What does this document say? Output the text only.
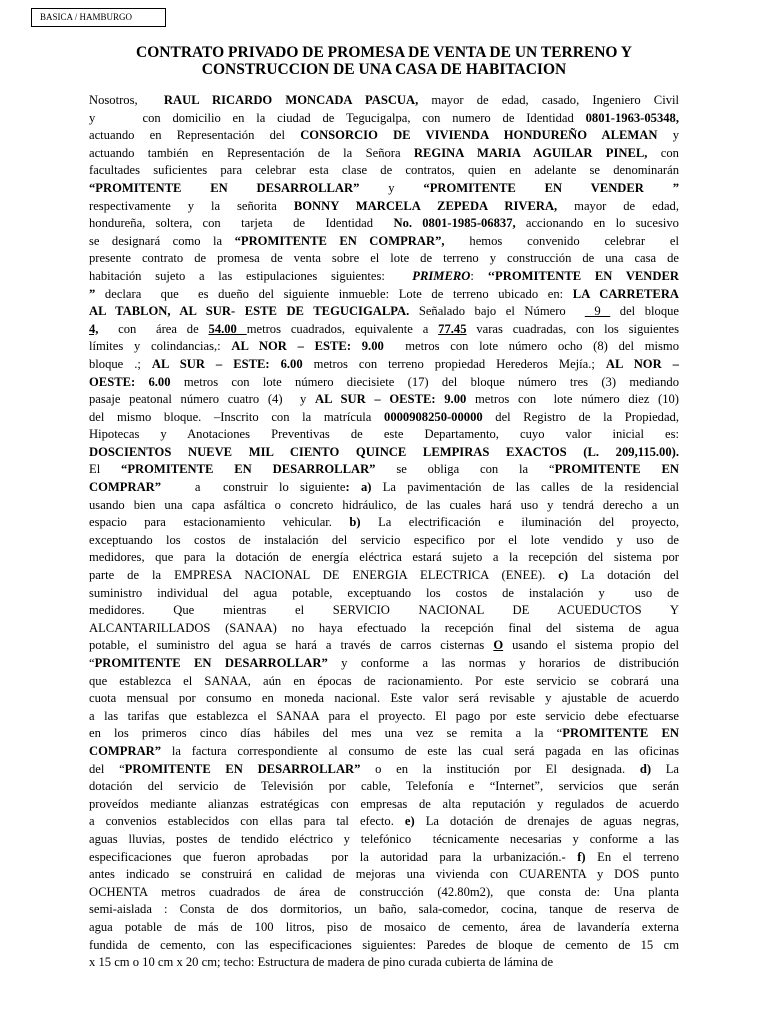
BASICA / HAMBURGO
CONTRATO PRIVADO DE PROMESA DE VENTA DE UN TERRENO Y
CONSTRUCCION DE UNA CASA DE HABITACION
Nosotros,  RAUL RICARDO MONCADA PASCUA, mayor de edad, casado, Ingeniero Civil
y    con domicilio en la ciudad de Tegucigalpa, con numero de Identidad 0801-1963-05348,
actuando en Representación del CONSORCIO DE VIVIENDA HONDUREÑO ALEMAN y
actuando también en Representación de la Señora REGINA MARIA AGUILAR PINEL, con
facultades suficientes para celebrar esta clase de contratos, quien en adelante se denominarán
“PROMITENTE  EN  DESARROLLAR”  y  “PROMITENTE  EN  VENDER  ”
respectivamente y la señorita BONNY MARCELA ZEPEDA RIVERA, mayor de edad,
hondureña, soltera, con  tarjeta  de  Identidad  No. 0801-1985-06837, accionando en lo sucesivo
se designará como la “PROMITENTE EN COMPRAR”,  hemos  convenido  celebrar  el
presente contrato de promesa de venta sobre el lote de terreno y construcción de una casa de
habitación sujeto a las estipulaciones siguientes:  PRIMERO: ‘‘PROMITENTE EN VENDER
” declara  que  es dueño del siguiente inmueble: Lote de terreno ubicado en: LA CARRETERA
AL TABLON, AL SUR- ESTE DE TEGUCIGALPA. Señalado bajo el Número   9  del bloque
4,  con  área de 54.00 metros cuadrados, equivalente a 77.45 varas cuadradas, con los siguientes
límites y colindancias,: AL NOR – ESTE: 9.00  metros con lote número ocho (8) del mismo
bloque .; AL SUR – ESTE: 6.00 metros con terreno propiedad Herederos Mejía.; AL NOR –
OESTE: 6.00 metros con lote número diecisiete (17) del bloque número tres (3) mediando
pasaje peatonal número cuatro (4)  y AL SUR – OESTE: 9.00 metros con  lote número diez (10)
del mismo bloque. –Inscrito con la matrícula 0000908250-00000 del Registro de la Propiedad,
Hipotecas  y  Anotaciones  Preventivas  de  este  Departamento,  cuyo  valor  inicial  es:
DOSCIENTOS NUEVE MIL CIENTO QUINCE LEMPIRAS EXACTOS (L. 209,115.00).
El  “PROMITENTE  EN  DESARROLLAR”  se  obliga  con  la  “PROMITENTE  EN
COMPRAR”   a  construir lo siguiente: a) La pavimentación de las calles de la residencial
usando bien una capa asfáltica o concreto hidráulico, de las cuales hará uso y tendrá derecho a un
espacio para estacionamiento vehicular. b) La electrificación e iluminación del proyecto,
exceptuando los costos de instalación del servicio especifico por el lote vendido y uso de
medidores, que para la dotación de energía eléctrica estará sujeto a la recepción del sistema por
parte de la EMPRESA NACIONAL DE ENERGIA ELECTRICA (ENEE). c) La dotación del
suministro individual del agua potable, exceptuando los costos de instalación y  uso de
medidores.   Que   mientras   el   SERVICIO   NACIONAL   DE   ACUEDUCTOS   Y
ALCANTARILLADOS (SANAA) no haya efectuado la recepción final del sistema de agua
potable, el suministro del agua se hará a través de carros cisternas O usando el sistema propio del
“PROMITENTE EN DESARROLLAR” y conforme a las normas y horarios de distribución
que establezca el SANAA, aún en épocas de racionamiento. Por este servicio se cobrará una
cuota mensual por consumo en moneda nacional. Este valor será revisable y ajustable de acuerdo
a las tarifas que establezca el SANAA para el proyecto. El pago por este servicio debe efectuarse
en los primeros cinco días hábiles del mes una vez se remita a la “PROMITENTE EN
COMPRAR” la factura correspondiente al consumo de este las cual será pagada en las oficinas
del “PROMITENTE EN DESARROLLAR” o en la institución por El designada. d) La
dotación del servicio de Televisión por cable, Telefonía e “Internet”, servicios que serán
proveídos mediante alianzas estratégicas con empresas de alta reputación y regulados de acuerdo
a convenios establecidos con ellas para tal efecto. e) La dotación de drenajes de aguas negras,
aguas lluvias, postes de tendido eléctrico y telefónico  técnicamente necesarias y conforme a las
especificaciones que fueron aprobadas  por la autoridad para la urbanización.- f) En el terreno
antes indicado se construirá en calidad de mejoras una vivienda con CUARENTA y DOS punto
OCHENTA metros cuadrados de área de construcción (42.80m2), que consta de: Una planta
semi-aislada : Consta de dos dormitorios, un baño, sala-comedor, cocina, tanque de reserva de
agua potable de más de 100 litros, piso de mosaico de cemento, área de lavandería externa
fundida de cemento, con las especificaciones siguientes: Paredes de bloque de cemento de 15 cm
x 15 cm o 10 cm x 20 cm; techo: Estructura de madera de pino curada cubierta de lámina de
